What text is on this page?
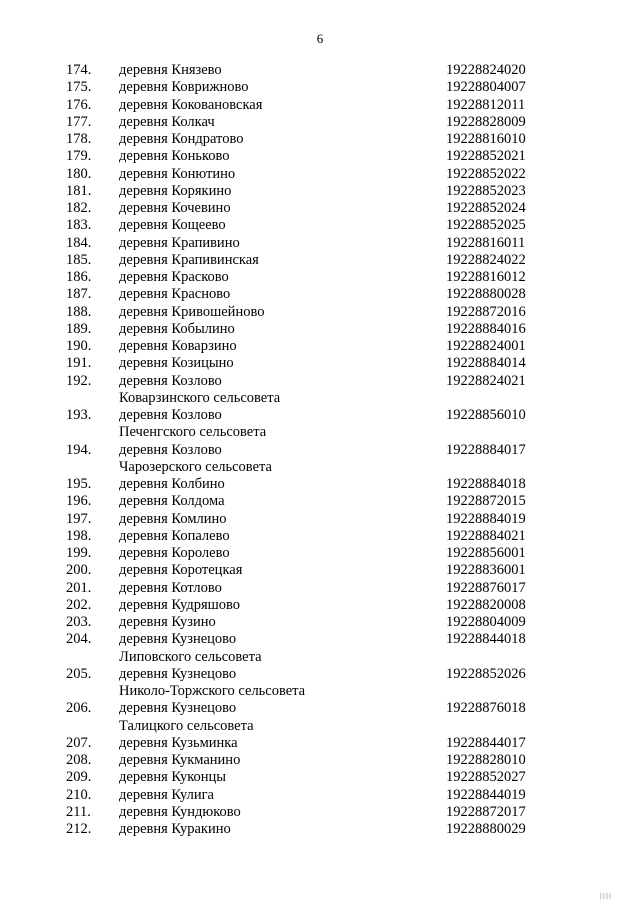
6
174. деревня Князево	19228824020
175. деревня Коврижново	19228804007
176. деревня Коковановская	19228812011
177. деревня Колкач	19228828009
178. деревня Кондратово	19228816010
179. деревня Коньково	19228852021
180. деревня Конютино	19228852022
181. деревня Корякино	19228852023
182. деревня Кочевино	19228852024
183. деревня Кощеево	19228852025
184. деревня Крапивино	19228816011
185. деревня Крапивинская	19228824022
186. деревня Красково	19228816012
187. деревня Красново	19228880028
188. деревня Кривошейново	19228872016
189. деревня Кобылино	19228884016
190. деревня Коварзино	19228824001
191. деревня Козицыно	19228884014
192. деревня Козлово	19228824021
Коварзинского сельсовета
193. деревня Козлово	19228856010
Печенгского сельсовета
194. деревня Козлово	19228884017
Чарозерского сельсовета
195. деревня Колбино	19228884018
196. деревня Колдома	19228872015
197. деревня Комлино	19228884019
198. деревня Копалево	19228884021
199. деревня Королево	19228856001
200. деревня Коротецкая	19228836001
201. деревня Котлово	19228876017
202. деревня Кудряшово	19228820008
203. деревня Кузино	19228804009
204. деревня Кузнецово	19228844018
Липовского сельсовета
205. деревня Кузнецово	19228852026
Николо-Торжского сельсовета
206. деревня Кузнецово	19228876018
Талицкого сельсовета
207. деревня Кузьминка	19228844017
208. деревня Кукманино	19228828010
209. деревня Куконцы	19228852027
210. деревня Кулига	19228844019
211. деревня Кундюково	19228872017
212. деревня Куракино	19228880029
||||
